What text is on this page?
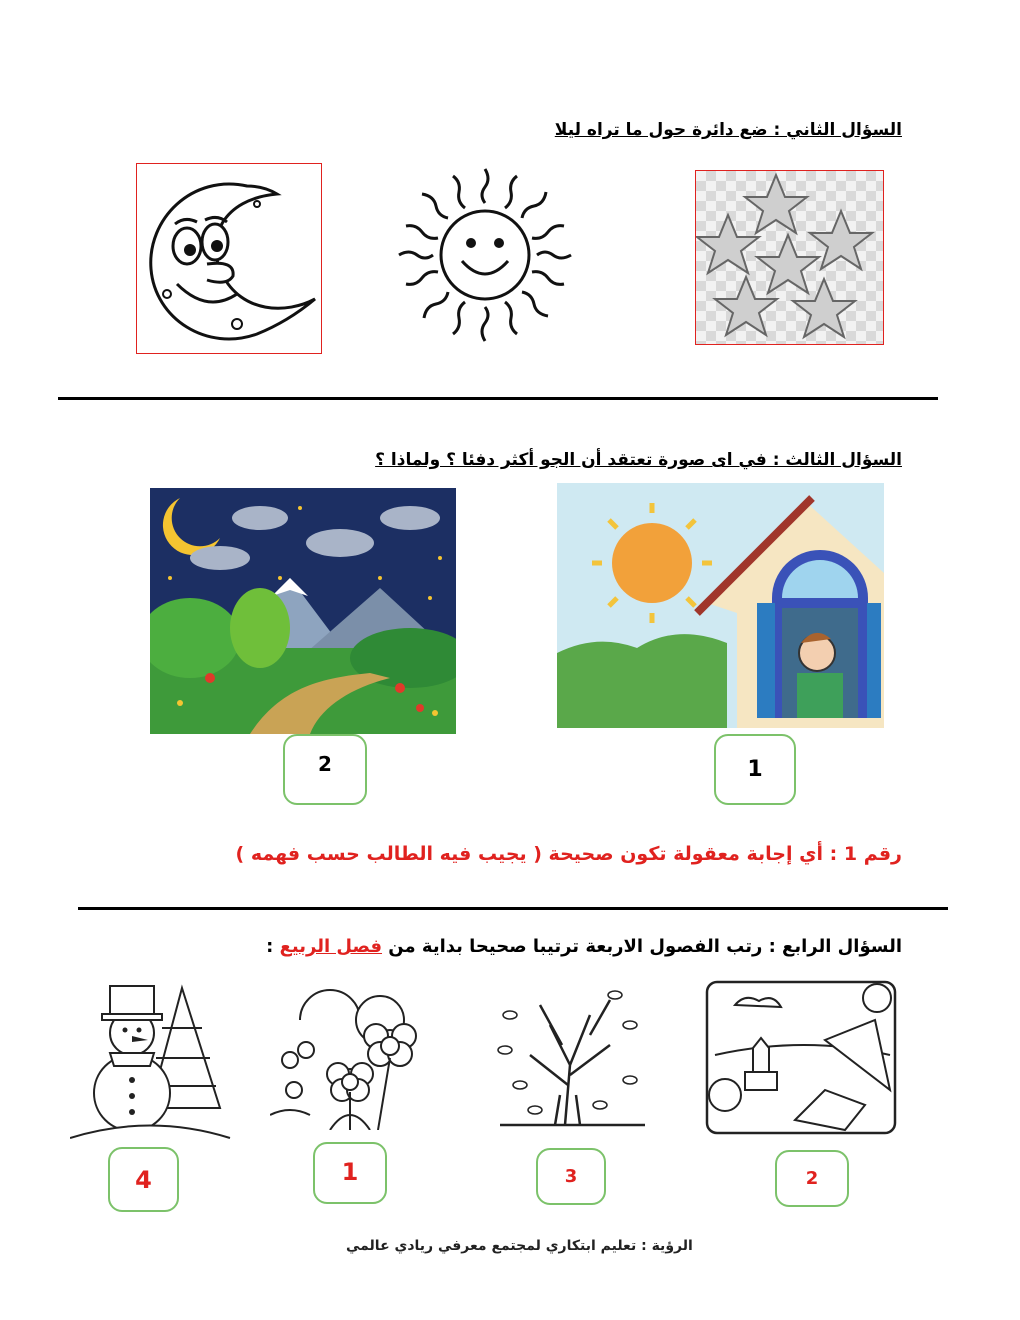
السؤال الثاني : ضع دائرة حول ما تراه ليلا
السؤال الثالث : في اى صورة تعتقد أن الجو أكثر دفئا ؟ ولماذا ؟
2	1
رقم 1 : أي إجابة معقولة تكون صحيحة ( يجيب فيه الطالب حسب فهمه )
السؤال الرابع : رتب الفصول الاربعة ترتيبا صحيحا بداية من فصل الربيع :
4	1	3	2
الرؤية : تعليم ابتكاري لمجتمع معرفي ريادي عالمي
